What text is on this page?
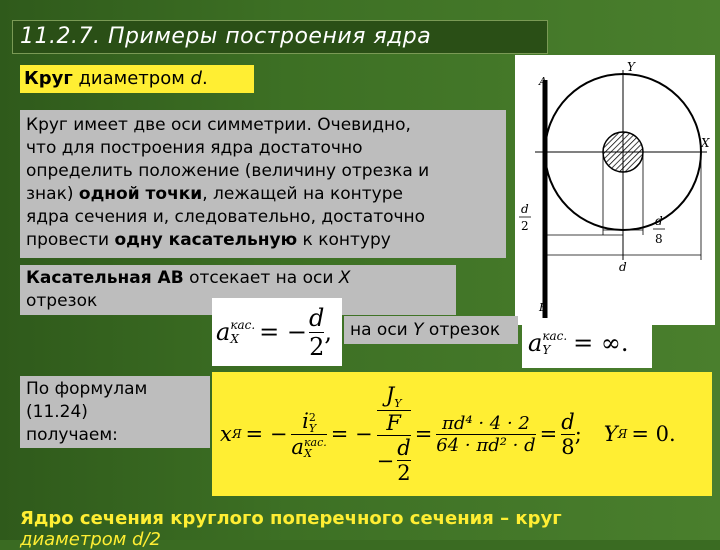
11.2.7. Примеры построения ядра
Круг диаметром d.
Круг имеет две оси симметрии. Очевидно,
что для построения ядра достаточно
определить положение (величину отрезка и
знак) одной точки, лежащей на контуре
ядра сечения и, следовательно, достаточно
провести одну касательную к контуру
Y
X
A
B
d
2	d
8
d
Касательная AB отсекает на оси X
отрезок
a кас.
X = − $\frac{d}{2}$ ,	на оси Y отрезок	a кас.
Y = ∞.
По формулам
(11.24)
получаем:	x Я = − i 2
Y
a кас.
X = −
$J_Y$
F
− $\frac{d}{2}$
= $\frac{\text{πd⁴ · 4 · 2}}{\text{64 · πd² · d}} = \frac{d}{8}$ ; Y Я = 0.
Ядро сечения круглого поперечного сечения – круг
диаметром d/2
